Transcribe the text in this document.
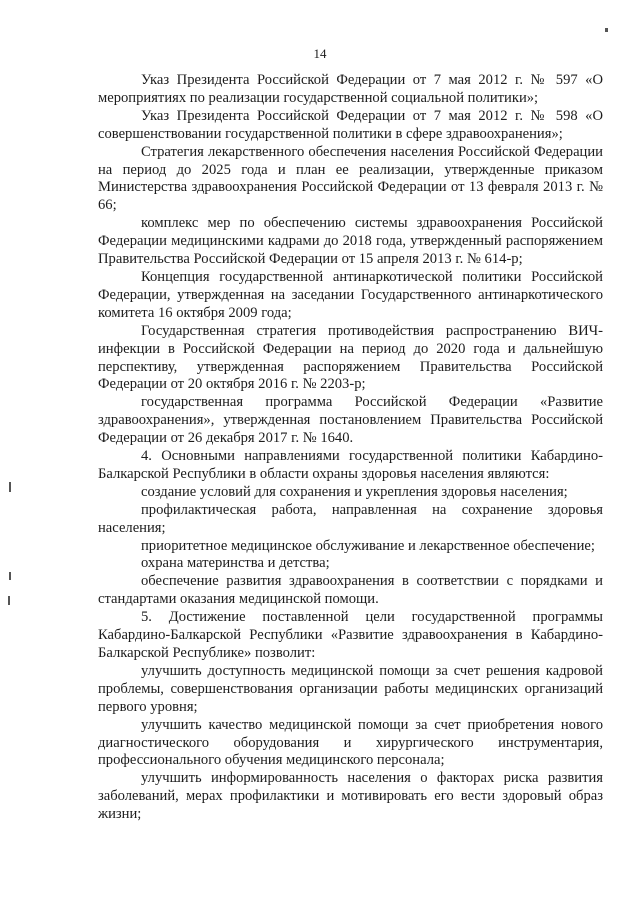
14

Указ Президента Российской Федерации от 7 мая 2012 г. № 597 «О мероприятиях по реализации государственной социальной политики»;

Указ Президента Российской Федерации от 7 мая 2012 г. № 598 «О совершенствовании государственной политики в сфере здравоохранения»;

Стратегия лекарственного обеспечения населения Российской Федерации на период до 2025 года и план ее реализации, утвержденные приказом Министерства здравоохранения Российской Федерации от 13 февраля 2013 г. № 66;

комплекс мер по обеспечению системы здравоохранения Российской Федерации медицинскими кадрами до 2018 года, утвержденный распоряжением Правительства Российской Федерации от 15 апреля 2013 г. № 614-р;

Концепция государственной антинаркотической политики Российской Федерации, утвержденная на заседании Государственного антинаркотического комитета 16 октября 2009 года;

Государственная стратегия противодействия распространению ВИЧ-инфекции в Российской Федерации на период до 2020 года и дальнейшую перспективу, утвержденная распоряжением Правительства Российской Федерации от 20 октября 2016 г. № 2203-р;

государственная программа Российской Федерации «Развитие здравоохранения», утвержденная постановлением Правительства Российской Федерации от 26 декабря 2017 г. № 1640.

4. Основными направлениями государственной политики Кабардино-Балкарской Республики в области охраны здоровья населения являются:

создание условий для сохранения и укрепления здоровья населения;

профилактическая работа, направленная на сохранение здоровья населения;

приоритетное медицинское обслуживание и лекарственное обеспечение;

охрана материнства и детства;

обеспечение развития здравоохранения в соответствии с порядками и стандартами оказания медицинской помощи.

5. Достижение поставленной цели государственной программы Кабардино-Балкарской Республики «Развитие здравоохранения в Кабардино-Балкарской Республике» позволит:

улучшить доступность медицинской помощи за счет решения кадровой проблемы, совершенствования организации работы медицинских организаций первого уровня;

улучшить качество медицинской помощи за счет приобретения нового диагностического оборудования и хирургического инструментария, профессионального обучения медицинского персонала;

улучшить информированность населения о факторах риска развития заболеваний, мерах профилактики и мотивировать его вести здоровый образ жизни;
